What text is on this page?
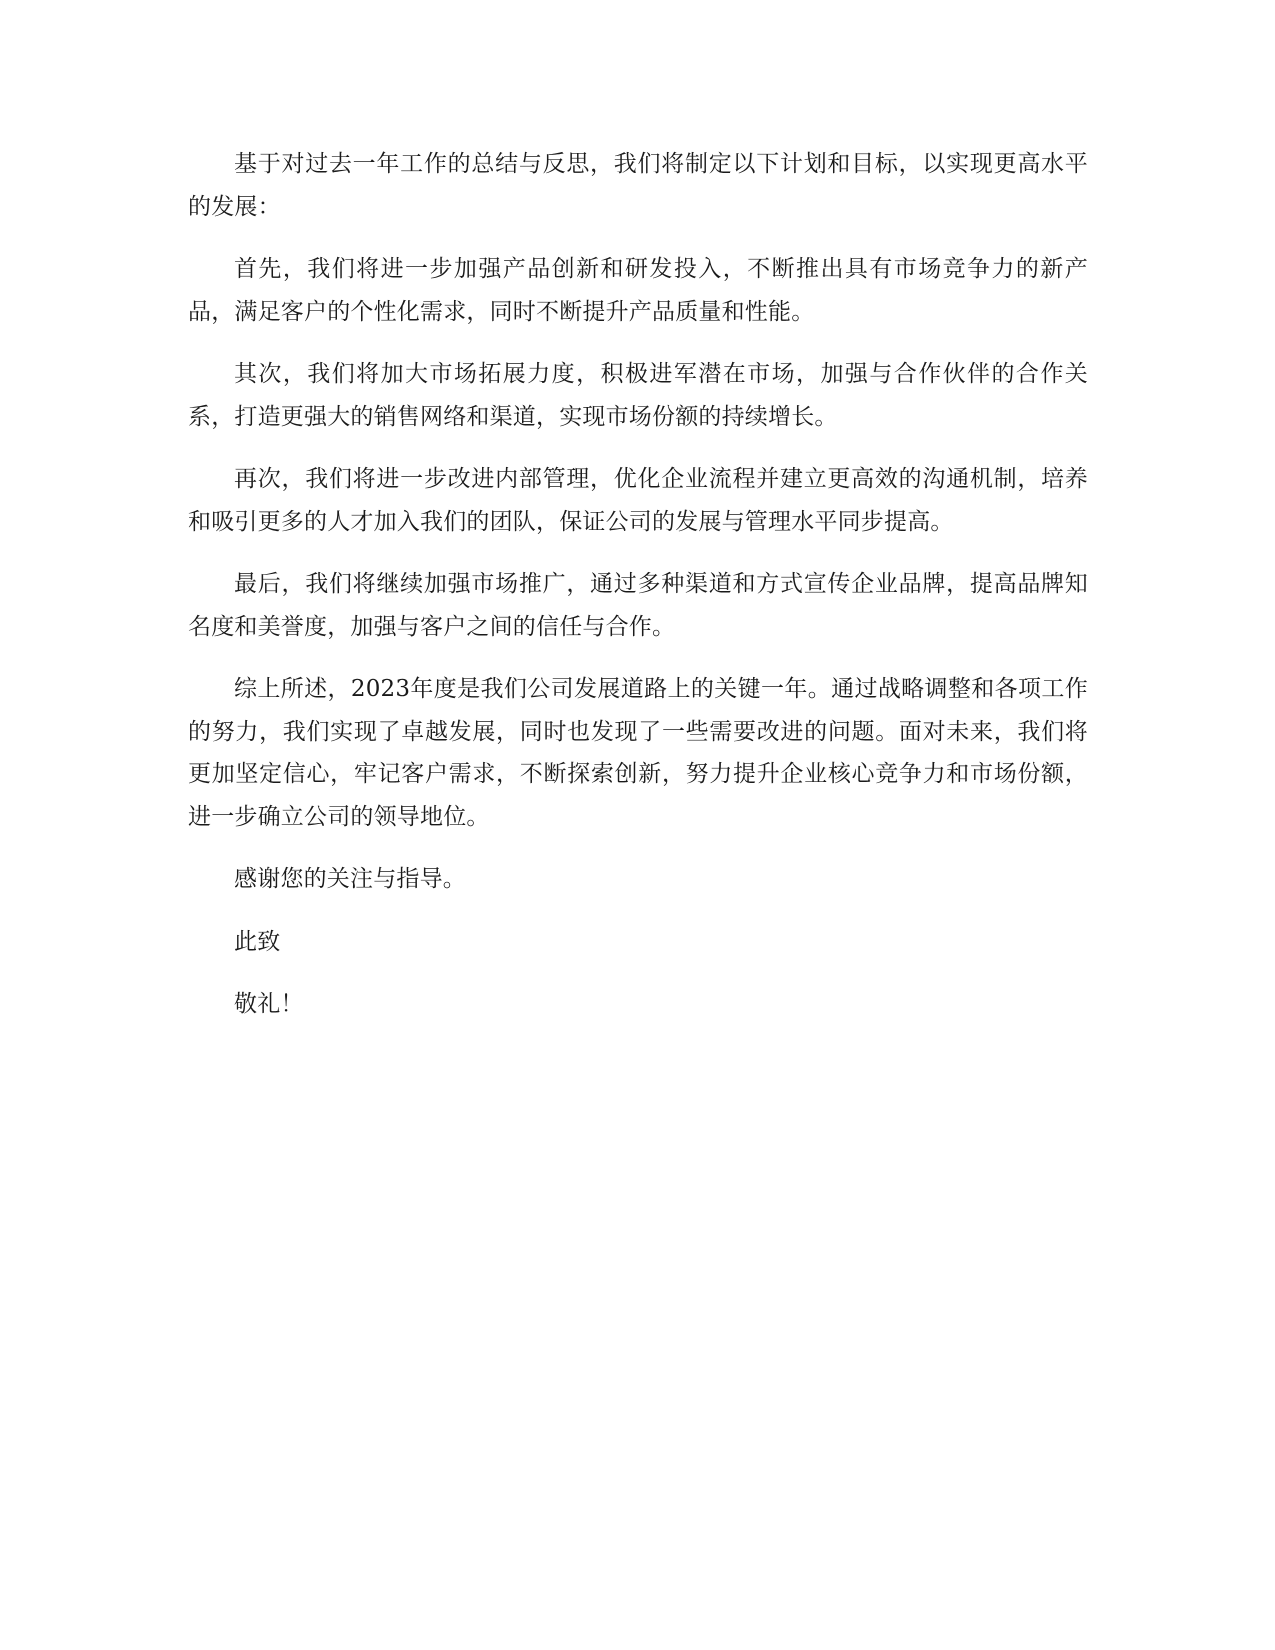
基于对过去一年工作的总结与反思，我们将制定以下计划和目标，以实现更高水平的发展：

首先，我们将进一步加强产品创新和研发投入，不断推出具有市场竞争力的新产品，满足客户的个性化需求，同时不断提升产品质量和性能。

其次，我们将加大市场拓展力度，积极进军潜在市场，加强与合作伙伴的合作关系，打造更强大的销售网络和渠道，实现市场份额的持续增长。

再次，我们将进一步改进内部管理，优化企业流程并建立更高效的沟通机制，培养和吸引更多的人才加入我们的团队，保证公司的发展与管理水平同步提高。

最后，我们将继续加强市场推广，通过多种渠道和方式宣传企业品牌，提高品牌知名度和美誉度，加强与客户之间的信任与合作。

综上所述，2023年度是我们公司发展道路上的关键一年。通过战略调整和各项工作的努力，我们实现了卓越发展，同时也发现了一些需要改进的问题。面对未来，我们将更加坚定信心，牢记客户需求，不断探索创新，努力提升企业核心竞争力和市场份额，进一步确立公司的领导地位。

感谢您的关注与指导。

此致

敬礼！
